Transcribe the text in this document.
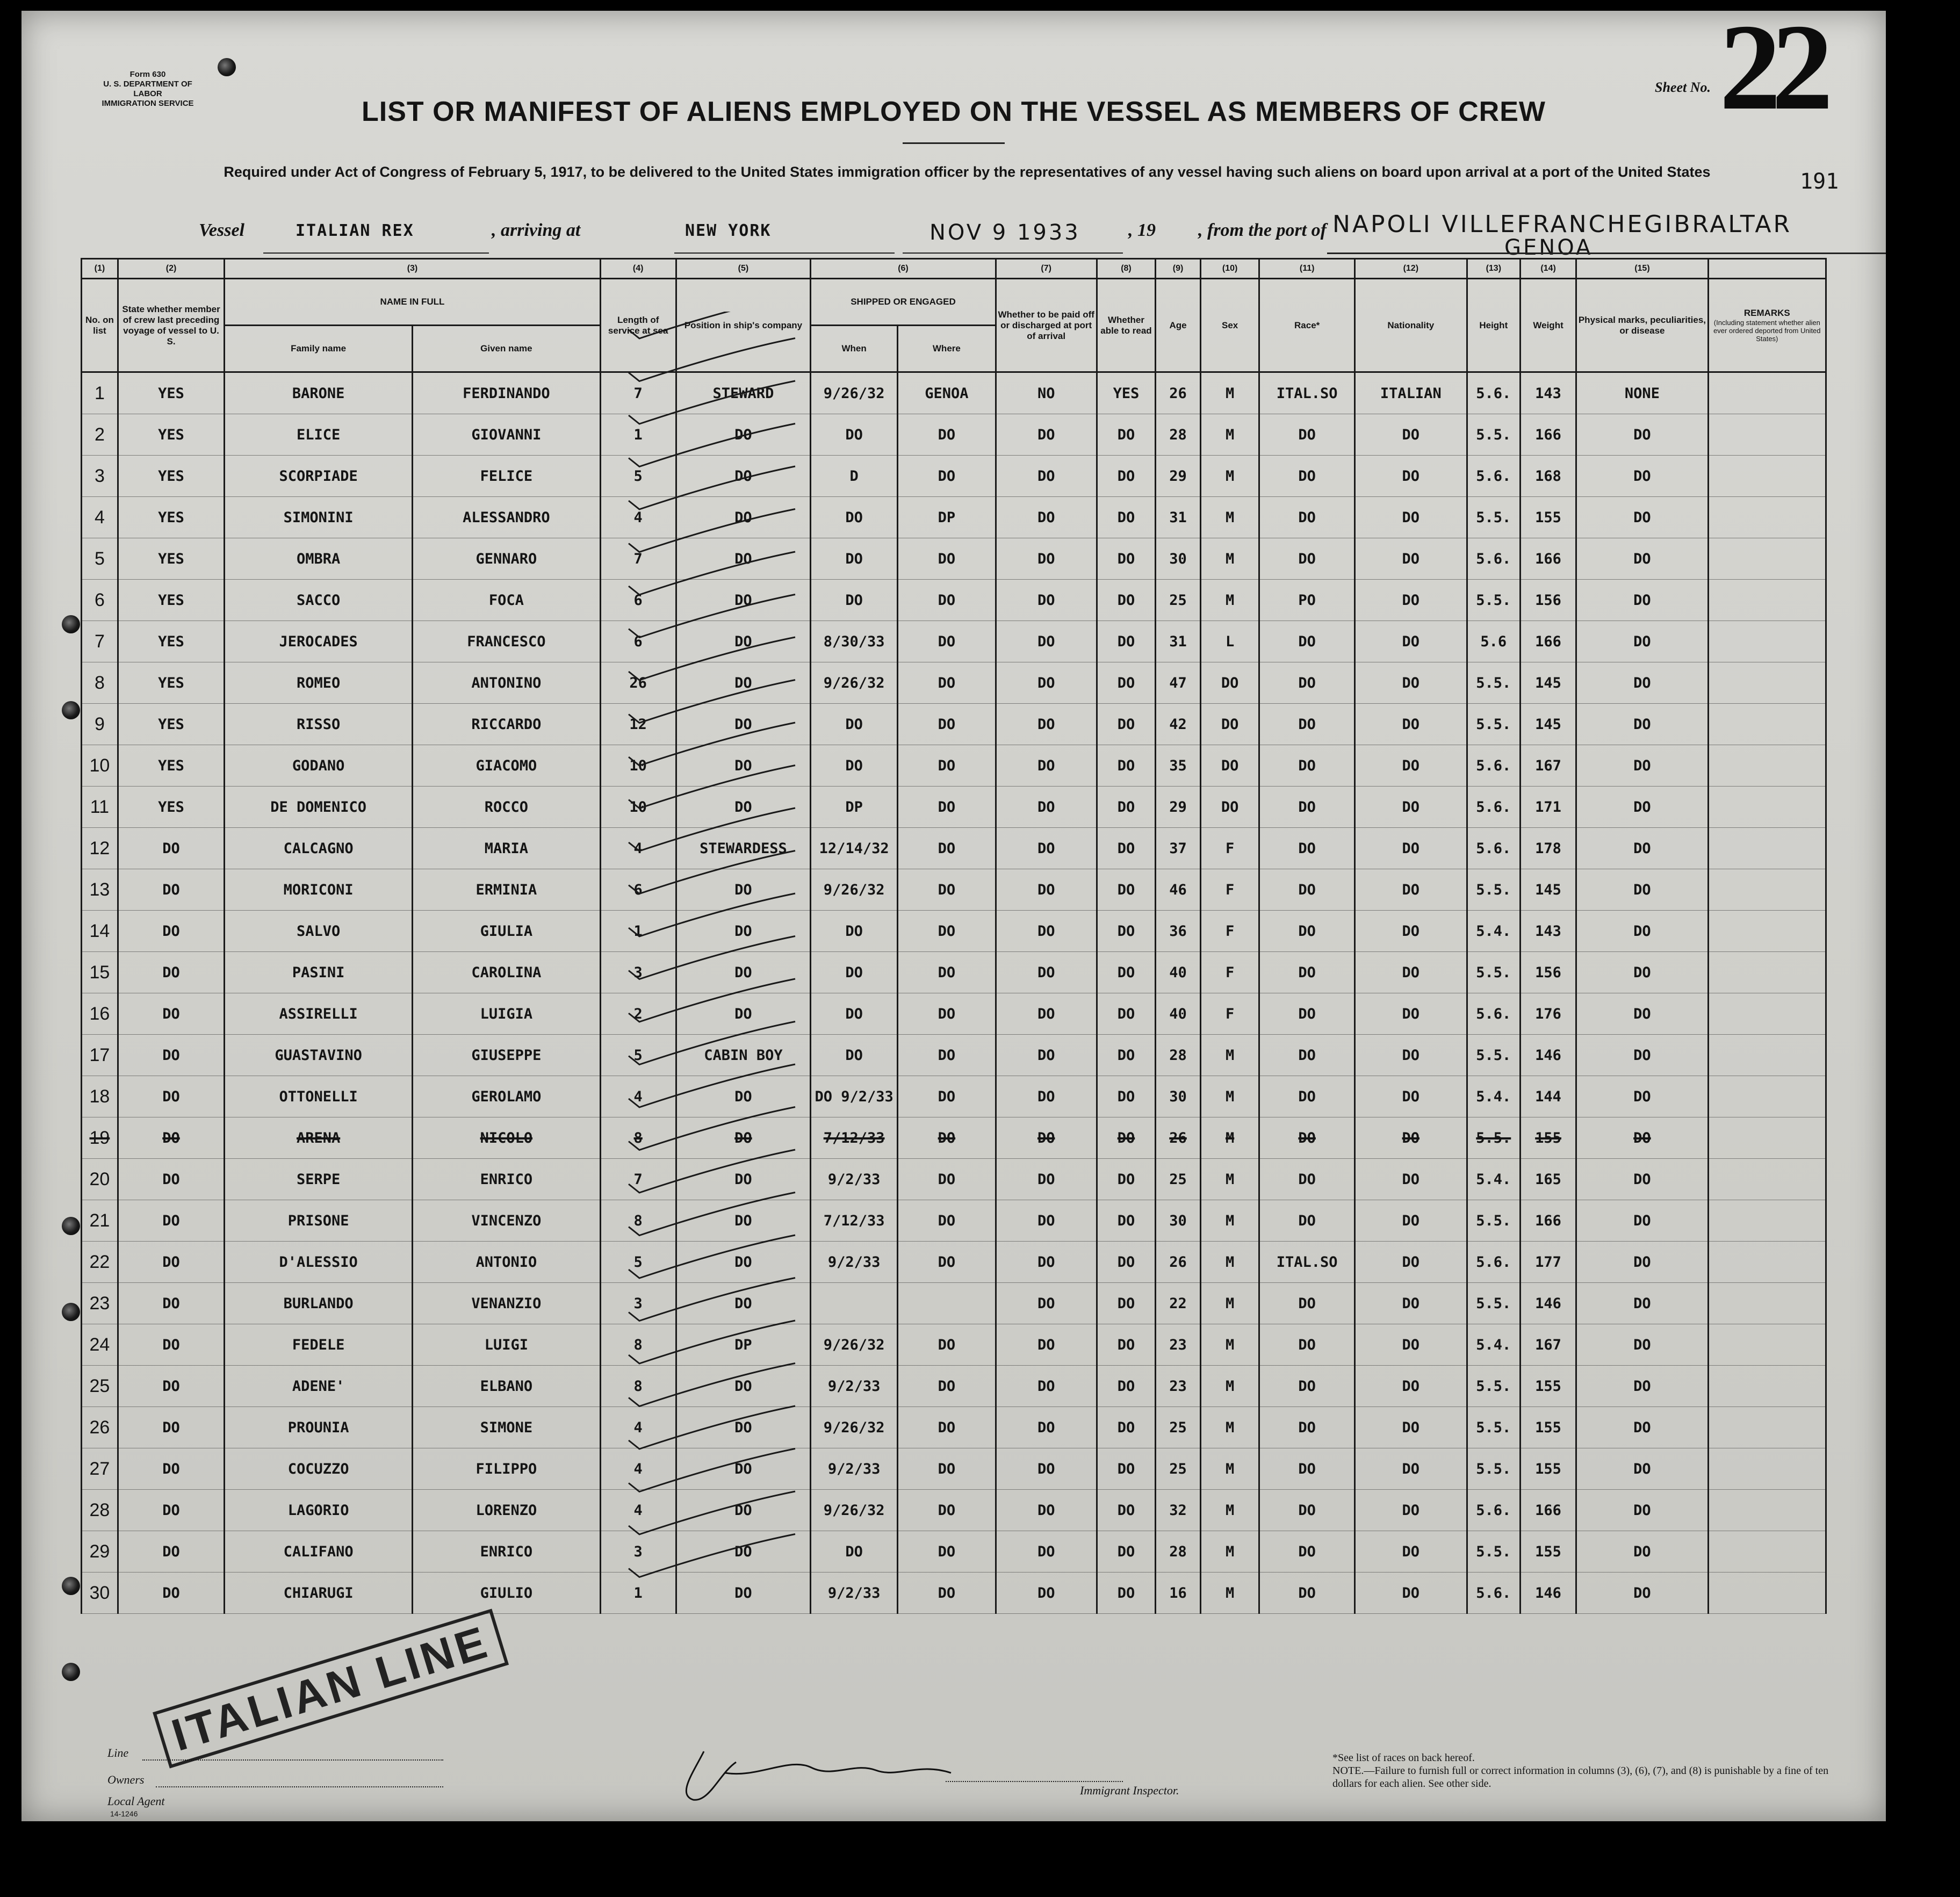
Form 630
U. S. DEPARTMENT OF LABOR
IMMIGRATION SERVICE	LIST OR MANIFEST OF ALIENS EMPLOYED ON THE VESSEL AS MEMBERS OF CREW
Required under Act of Congress of February 5, 1917, to be delivered to the United States immigration officer by the representatives of any vessel having such aliens on board upon arrival at a port of the United States
Sheet No. 22
191
Vessel	ITALIAN REX	, arriving at	NEW YORK	NOV 9 1933	, 19 , from the port of NAPOLI VILLEFRANCHEGIBRALTAR
GENOA
(1)	(2)	(3)		(4)	(5)	(6)		(7)	(8)	(9)	(10)	(11)	(12)	(13)	(14)	(15)	
No. on list	State whether member of crew last preceding voyage of vessel to U. S.	NAME IN FULL		Length of service at sea	Position in ship's company	SHIPPED OR ENGAGED		Whether to be paid off or discharged at port of arrival	Whether able to read	Age	Sex	Race*	Nationality	Height	Weight	Physical marks, peculiarities, or disease	REMARKS
(Including statement whether alien ever ordered deported from United States)

		Family name	Given name			When	Where										
1	YES	BARONE	FERDINANDO	7	STEWARD	9/26/32	GENOA	NO	YES	26	M	ITAL.SO	ITALIAN	5.6.	143	NONE	
2	YES	ELICE	GIOVANNI	1	DO	DO	DO	DO	DO	28	M	DO	DO	5.5.	166	DO	
3	YES	SCORPIADE	FELICE	5	DO	D	DO	DO	DO	29	M	DO	DO	5.6.	168	DO	
4	YES	SIMONINI	ALESSANDRO	4	DO	DO	DP	DO	DO	31	M	DO	DO	5.5.	155	DO	
5	YES	OMBRA	GENNARO	7	DO	DO	DO	DO	DO	30	M	DO	DO	5.6.	166	DO	
6	YES	SACCO	FOCA	6	DO	DO	DO	DO	DO	25	M	PO	DO	5.5.	156	DO	
7	YES	JEROCADES	FRANCESCO	6	DO	8/30/33	DO	DO	DO	31	L	DO	DO	5.6	166	DO	
8	YES	ROMEO	ANTONINO	26	DO	9/26/32	DO	DO	DO	47	DO	DO	DO	5.5.	145	DO	
9	YES	RISSO	RICCARDO	12	DO	DO	DO	DO	DO	42	DO	DO	DO	5.5.	145	DO	
10	YES	GODANO	GIACOMO	10	DO	DO	DO	DO	DO	35	DO	DO	DO	5.6.	167	DO	
11	YES	DE DOMENICO	ROCCO	10	DO	DP	DO	DO	DO	29	DO	DO	DO	5.6.	171	DO	
12	DO	CALCAGNO	MARIA	4	STEWARDESS	12/14/32	DO	DO	DO	37	F	DO	DO	5.6.	178	DO	
13	DO	MORICONI	ERMINIA	6	DO	9/26/32	DO	DO	DO	46	F	DO	DO	5.5.	145	DO	
14	DO	SALVO	GIULIA	1	DO	DO	DO	DO	DO	36	F	DO	DO	5.4.	143	DO	
15	DO	PASINI	CAROLINA	3	DO	DO	DO	DO	DO	40	F	DO	DO	5.5.	156	DO	
16	DO	ASSIRELLI	LUIGIA	2	DO	DO	DO	DO	DO	40	F	DO	DO	5.6.	176	DO	
17	DO	GUASTAVINO	GIUSEPPE	5	CABIN BOY	DO	DO	DO	DO	28	M	DO	DO	5.5.	146	DO	
18	DO	OTTONELLI	GEROLAMO	4	DO	DO 9/2/33	DO	DO	DO	30	M	DO	DO	5.4.	144	DO	
19	DO	ARENA	NICOLO	8	DO	7/12/33	DO	DO	DO	26	M	DO	DO	5.5.	155	DO	
20	DO	SERPE	ENRICO	7	DO	9/2/33	DO	DO	DO	25	M	DO	DO	5.4.	165	DO	
21	DO	PRISONE	VINCENZO	8	DO	7/12/33	DO	DO	DO	30	M	DO	DO	5.5.	166	DO	
22	DO	D'ALESSIO	ANTONIO	5	DO	9/2/33	DO	DO	DO	26	M	ITAL.SO	DO	5.6.	177	DO	
23	DO	BURLANDO	VENANZIO	3	DO			DO	DO	22	M	DO	DO	5.5.	146	DO	
24	DO	FEDELE	LUIGI	8	DP	9/26/32	DO	DO	DO	23	M	DO	DO	5.4.	167	DO	
25	DO	ADENE'	ELBANO	8	DO	9/2/33	DO	DO	DO	23	M	DO	DO	5.5.	155	DO	
26	DO	PROUNIA	SIMONE	4	DO	9/26/32	DO	DO	DO	25	M	DO	DO	5.5.	155	DO	
27	DO	COCUZZO	FILIPPO	4	DO	9/2/33	DO	DO	DO	25	M	DO	DO	5.5.	155	DO	
28	DO	LAGORIO	LORENZO	4	DO	9/26/32	DO	DO	DO	32	M	DO	DO	5.6.	166	DO	
29	DO	CALIFANO	ENRICO	3	DO	DO	DO	DO	DO	28	M	DO	DO	5.5.	155	DO	
30	DO	CHIARUGI	GIULIO	1	DO	9/2/33	DO	DO	DO	16	M	DO	DO	5.6.	146	DO	
Line
Owners
Local Agent
14-1246
ITALIAN LINE
Immigrant Inspector.
*See list of races on back hereof.
NOTE.—Failure to furnish full or correct information in columns (3), (6), (7), and (8) is punishable by a fine of ten dollars for each alien. See other side.
